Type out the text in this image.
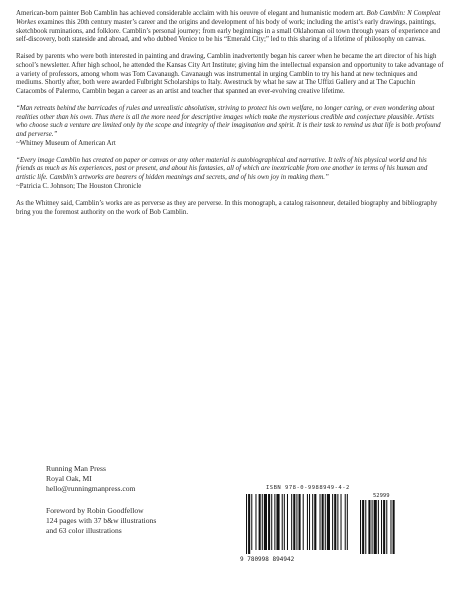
American-born painter Bob Camblin has achieved considerable acclaim with his oeuvre of elegant and humanistic modern art. Bob Camblin: N Compleat Workes examines this 20th century master’s career and the origins and development of his body of work; including the artist’s early drawings, paintings, sketchbook ruminations, and folklore. Camblin’s personal journey; from early beginnings in a small Oklahoman oil town through years of experience and self-discovery, both stateside and abroad, and who dubbed Venice to be his “Emerald City;” led to this sharing of a lifetime of philosophy on canvas.

Raised by parents who were both interested in painting and drawing, Camblin inadvertently began his career when he became the art director of his high school’s newsletter. After high school, he attended the Kansas City Art Institute; giving him the intellectual expansion and opportunity to take advantage of a variety of professors, among whom was Tom Cavanaugh. Cavanaugh was instrumental in urging Camblin to try his hand at new techniques and mediums. Shortly after, both were awarded Fulbright Scholarships to Italy. Awestruck by what he saw at The Uffizi Gallery and at The Capuchin Catacombs of Palermo, Camblin began a career as an artist and teacher that spanned an ever-evolving creative lifetime.

“Man retreats behind the barricades of rules and unrealistic absolutism, striving to protect his own welfare, no longer caring, or even wondering about realities other than his own. Thus there is all the more need for descriptive images which make the mysterious credible and conjecture plausible. Artists who choose such a venture are limited only by the scope and integrity of their imagination and spirit. It is their task to remind us that life is both profound and perverse.”

~Whitney Museum of American Art

“Every image Camblin has created on paper or canvas or any other material is autobiographical and narrative. It tells of his physical world and his friends as much as his experiences, past or present, and about his fantasies, all of which are inextricable from one another in terms of his human and artistic life. Camblin’s artworks are bearers of hidden meanings and secrets, and of his own joy in making them.”

~Patricia C. Johnson; The Houston Chronicle

As the Whitney said, Camblin’s works are as perverse as they are perverse. In this monograph, a catalog raisonneur, detailed biography and bibliography bring you the foremost authority on the work of Bob Camblin.

Running Man Press

Royal Oak, MI

hello@runningmanpress.com

Foreword by Robin Goodfellow

124 pages with 37 b&w illustrations

and 63 color illustrations

ISBN 978-0-9988949-4-2
52999
9 780998 894942
